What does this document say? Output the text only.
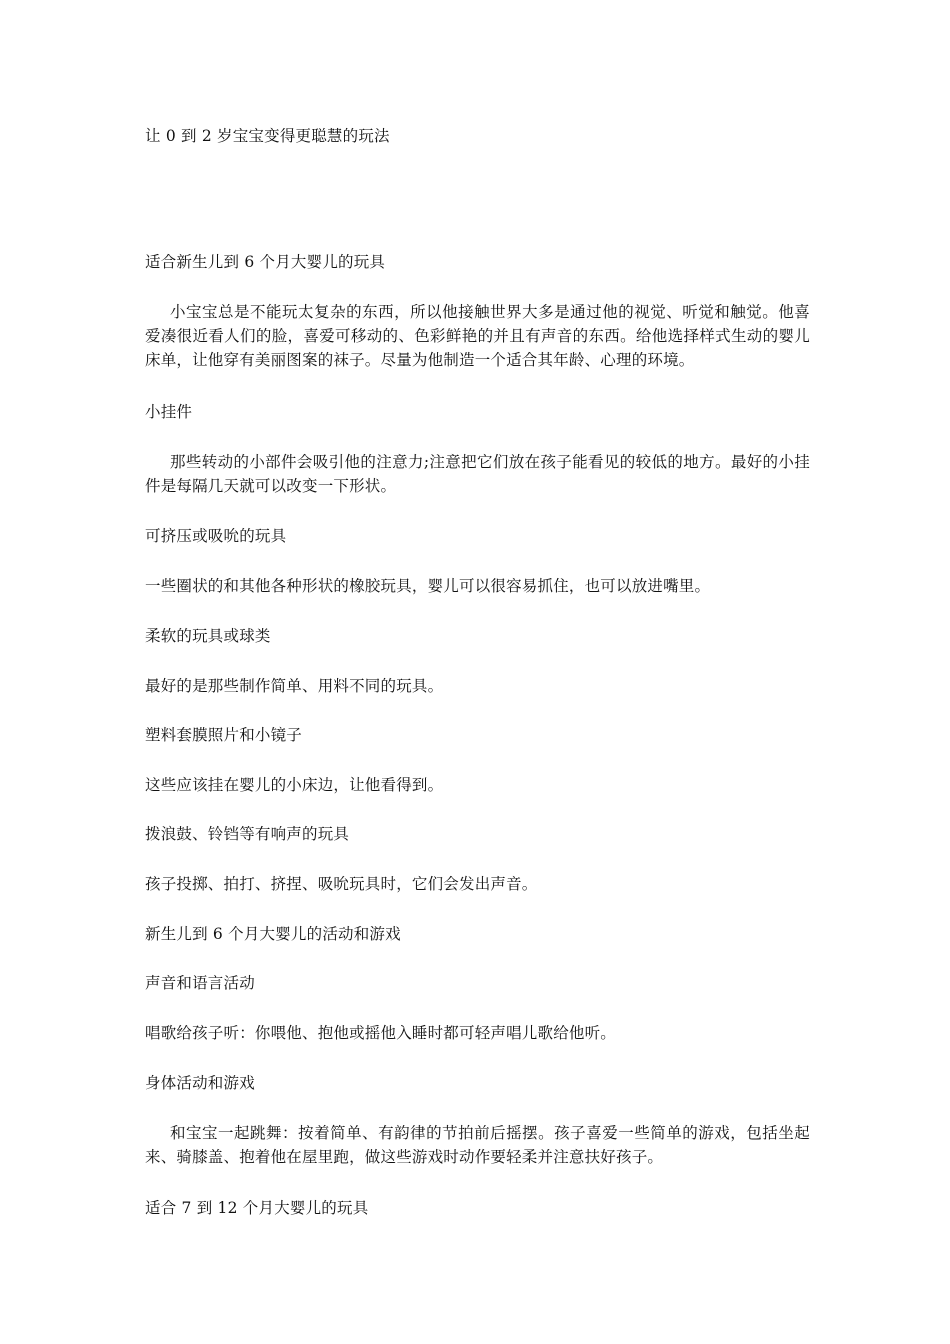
让 0 到 2 岁宝宝变得更聪慧的玩法
适合新生儿到 6 个月大婴儿的玩具
小宝宝总是不能玩太复杂的东西，所以他接触世界大多是通过他的视觉、听觉和触觉。他喜爱凑很近看人们的脸，喜爱可移动的、色彩鲜艳的并且有声音的东西。给他选择样式生动的婴儿床单，让他穿有美丽图案的袜子。尽量为他制造一个适合其年龄、心理的环境。
小挂件
那些转动的小部件会吸引他的注意力;注意把它们放在孩子能看见的较低的地方。最好的小挂件是每隔几天就可以改变一下形状。
可挤压或吸吮的玩具
一些圈状的和其他各种形状的橡胶玩具，婴儿可以很容易抓住，也可以放进嘴里。
柔软的玩具或球类
最好的是那些制作简单、用料不同的玩具。
塑料套膜照片和小镜子
这些应该挂在婴儿的小床边，让他看得到。
拨浪鼓、铃铛等有响声的玩具
孩子投掷、拍打、挤捏、吸吮玩具时，它们会发出声音。
新生儿到 6 个月大婴儿的活动和游戏
声音和语言活动
唱歌给孩子听：你喂他、抱他或摇他入睡时都可轻声唱儿歌给他听。
身体活动和游戏
和宝宝一起跳舞：按着简单、有韵律的节拍前后摇摆。孩子喜爱一些简单的游戏，包括坐起来、骑膝盖、抱着他在屋里跑，做这些游戏时动作要轻柔并注意扶好孩子。
适合 7 到 12 个月大婴儿的玩具
